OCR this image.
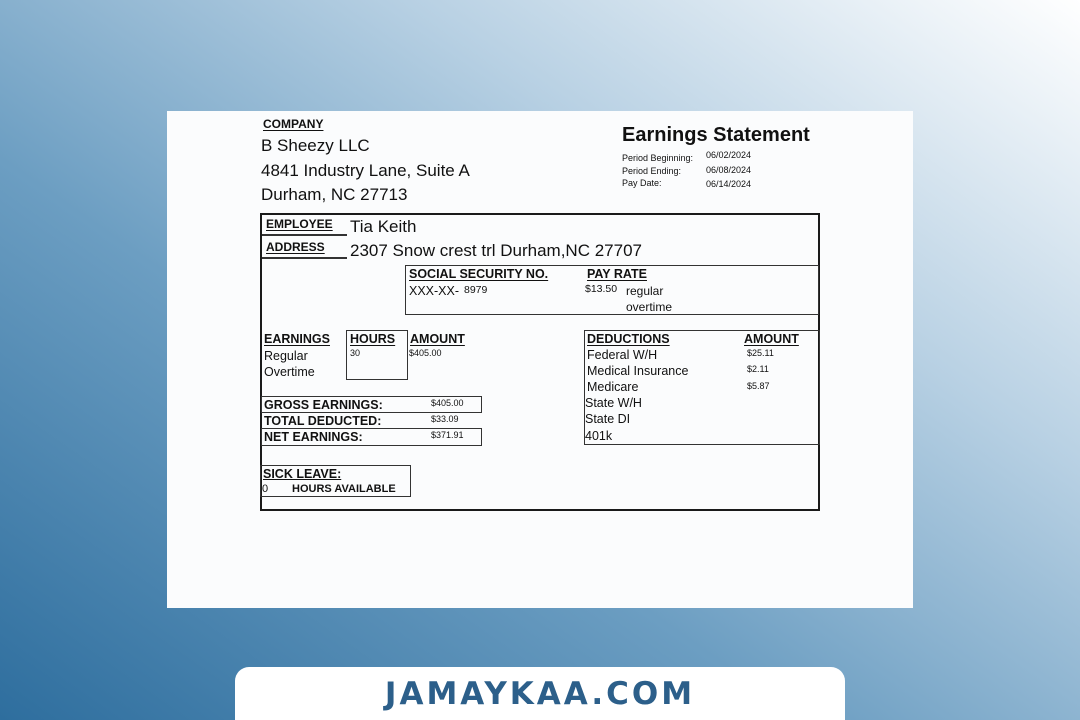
COMPANY
B Sheezy LLC
4841 Industry Lane, Suite A
Durham, NC 27713
Earnings Statement
Period Beginning: 06/02/2024
Period Ending:	06/08/2024
Pay Date:	06/14/2024
EMPLOYEE Tia Keith
ADDRESS 2307 Snow crest trl Durham,NC 27707
SOCIAL SECURITY NO.
XXX-XX- 8979
PAY RATE
$13.50 regular
overtime
EARNINGS HOURS AMOUNT
Regular	30	$405.00
Overtime
GROSS EARNINGS:	$405.00
TOTAL DEDUCTED:	$33.09
NET EARNINGS:	$371.91
DEDUCTIONS	AMOUNT
Federal W/H	$25.11
Medical Insurance	$2.11
Medicare	$5.87
State W/H
State DI
401k
SICK LEAVE:
0 HOURS AVAILABLE
JAMAYKAA.COM
